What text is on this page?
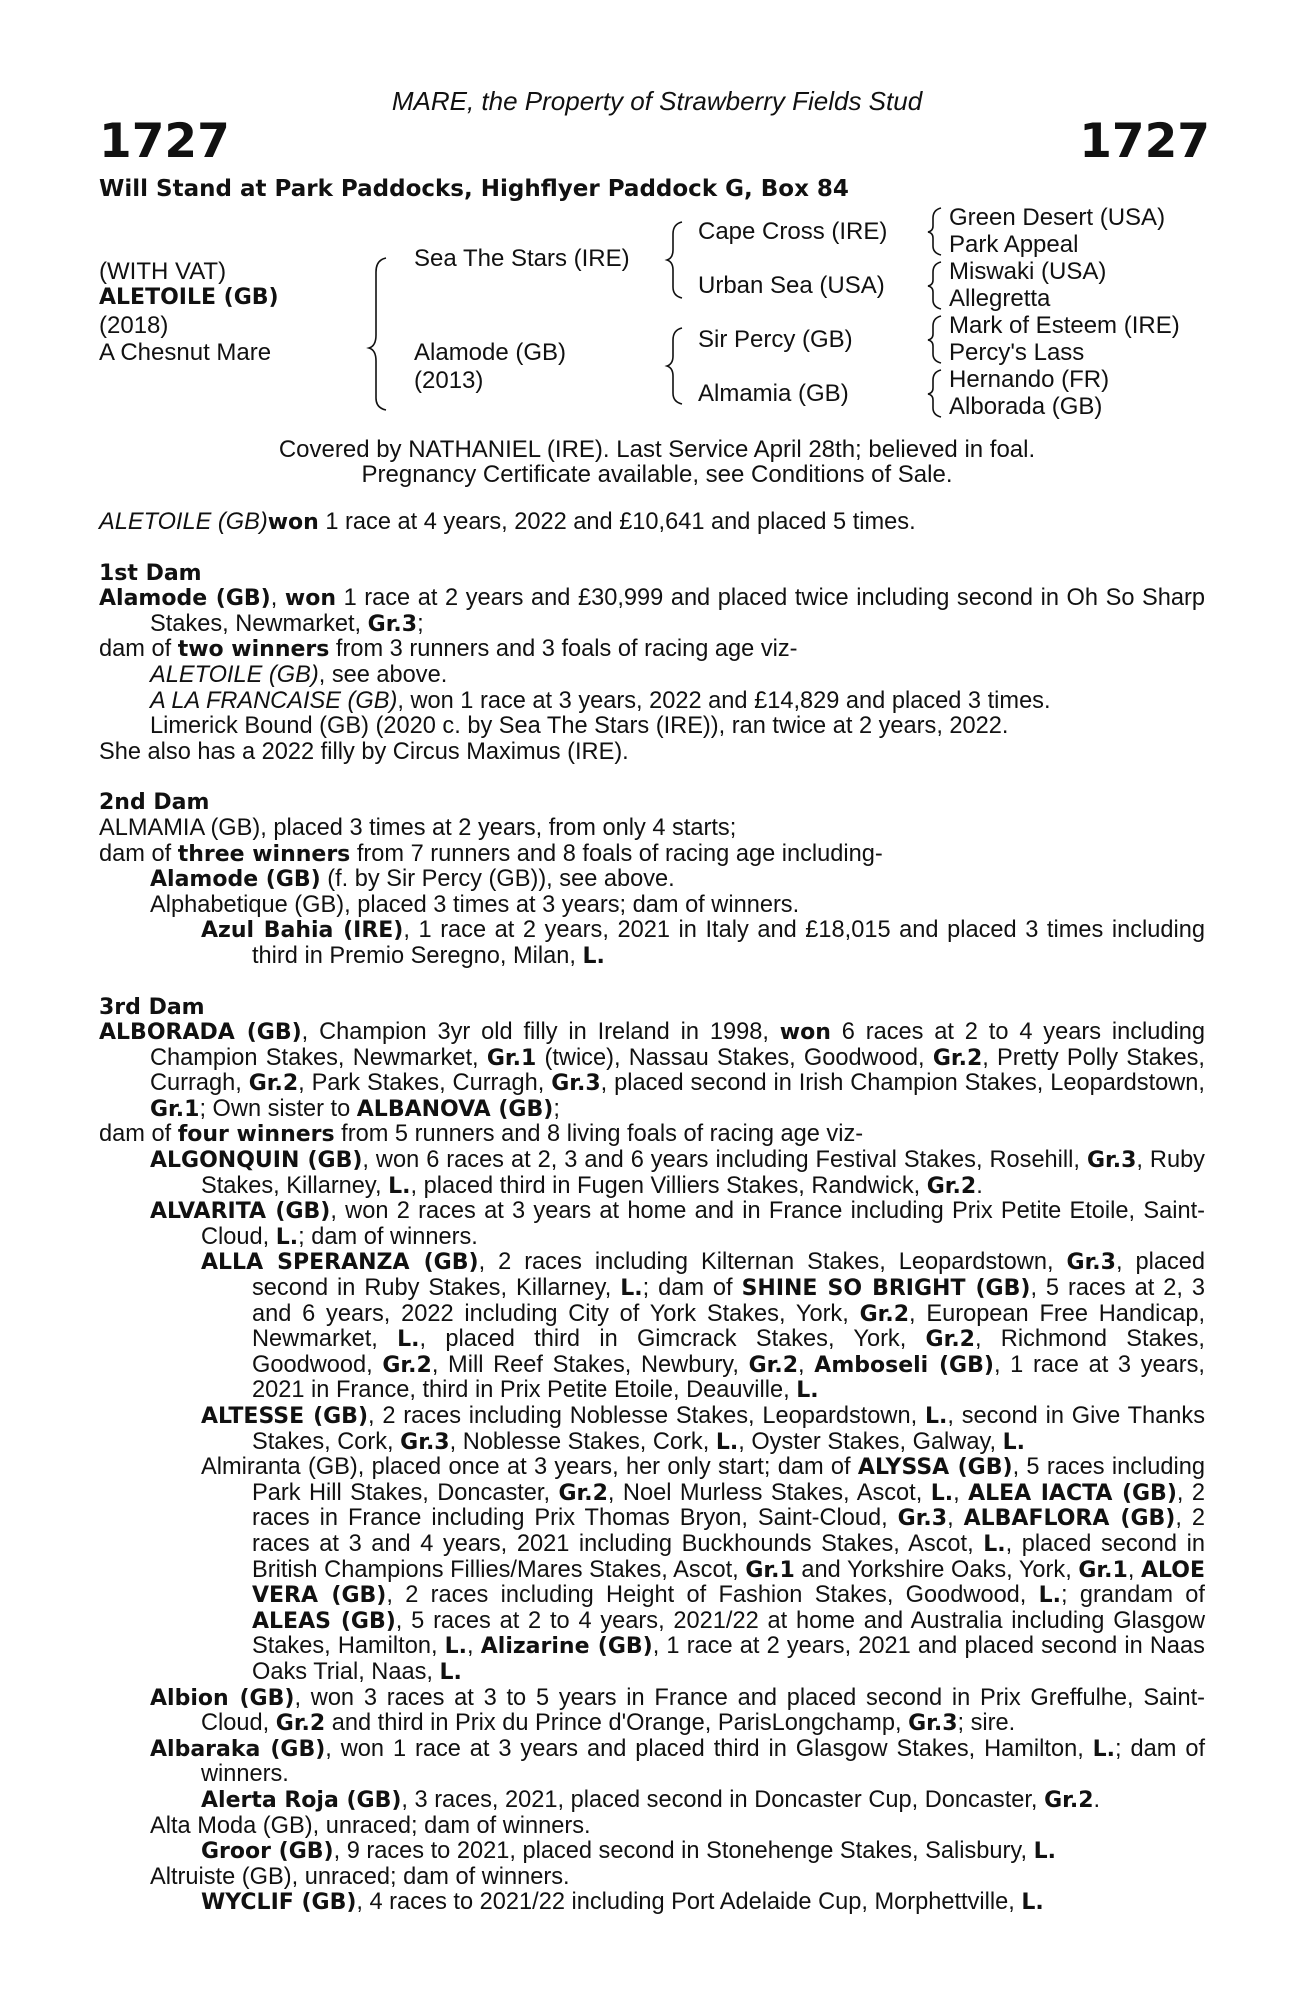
MARE, the Property of Strawberry Fields Stud
1727	1727
Will Stand at Park Paddocks, Highflyer Paddock G, Box 84
(WITH VAT)
ALETOILE (GB)
(2018)
A Chesnut Mare
Sea The Stars (IRE)
Alamode (GB)
(2013)
Cape Cross (IRE)
Urban Sea (USA)
Sir Percy (GB)
Almamia (GB)
Green Desert (USA)
Park Appeal
Miswaki (USA)
Allegretta
Mark of Esteem (IRE)
Percy's Lass
Hernando (FR)
Alborada (GB)
Covered by NATHANIEL (IRE). Last Service April 28th; believed in foal.
Pregnancy Certificate available, see Conditions of Sale.

ALETOILE (GB)won 1 race at 4 years, 2022 and £10,641 and placed 5 times.

1st Dam

Alamode (GB), won 1 race at 2 years and £30,999 and placed twice including second in Oh So Sharp Stakes, Newmarket, Gr.3;

dam of two winners from 3 runners and 3 foals of racing age viz-

ALETOILE (GB), see above.

A LA FRANCAISE (GB), won 1 race at 3 years, 2022 and £14,829 and placed 3 times.

Limerick Bound (GB) (2020 c. by Sea The Stars (IRE)), ran twice at 2 years, 2022.

She also has a 2022 filly by Circus Maximus (IRE).

2nd Dam

ALMAMIA (GB), placed 3 times at 2 years, from only 4 starts;

dam of three winners from 7 runners and 8 foals of racing age including-

Alamode (GB) (f. by Sir Percy (GB)), see above.

Alphabetique (GB), placed 3 times at 3 years; dam of winners.

Azul Bahia (IRE), 1 race at 2 years, 2021 in Italy and £18,015 and placed 3 times including third in Premio Seregno, Milan, L.

3rd Dam

ALBORADA (GB), Champion 3yr old filly in Ireland in 1998, won 6 races at 2 to 4 years including Champion Stakes, Newmarket, Gr.1 (twice), Nassau Stakes, Goodwood, Gr.2, Pretty Polly Stakes, Curragh, Gr.2, Park Stakes, Curragh, Gr.3, placed second in Irish Champion Stakes, Leopardstown, Gr.1; Own sister to ALBANOVA (GB);

dam of four winners from 5 runners and 8 living foals of racing age viz-

ALGONQUIN (GB), won 6 races at 2, 3 and 6 years including Festival Stakes, Rosehill, Gr.3, Ruby Stakes, Killarney, L., placed third in Fugen Villiers Stakes, Randwick, Gr.2.

ALVARITA (GB), won 2 races at 3 years at home and in France including Prix Petite Etoile, Saint-Cloud, L.; dam of winners.

ALLA SPERANZA (GB), 2 races including Kilternan Stakes, Leopardstown, Gr.3, placed second in Ruby Stakes, Killarney, L.; dam of SHINE SO BRIGHT (GB), 5 races at 2, 3 and 6 years, 2022 including City of York Stakes, York, Gr.2, European Free Handicap, Newmarket, L., placed third in Gimcrack Stakes, York, Gr.2, Richmond Stakes, Goodwood, Gr.2, Mill Reef Stakes, Newbury, Gr.2, Amboseli (GB), 1 race at 3 years, 2021 in France, third in Prix Petite Etoile, Deauville, L.

ALTESSE (GB), 2 races including Noblesse Stakes, Leopardstown, L., second in Give Thanks Stakes, Cork, Gr.3, Noblesse Stakes, Cork, L., Oyster Stakes, Galway, L.

Almiranta (GB), placed once at 3 years, her only start; dam of ALYSSA (GB), 5 races including Park Hill Stakes, Doncaster, Gr.2, Noel Murless Stakes, Ascot, L., ALEA IACTA (GB), 2 races in France including Prix Thomas Bryon, Saint-Cloud, Gr.3, ALBAFLORA (GB), 2 races at 3 and 4 years, 2021 including Buckhounds Stakes, Ascot, L., placed second in British Champions Fillies/Mares Stakes, Ascot, Gr.1 and Yorkshire Oaks, York, Gr.1, ALOE VERA (GB), 2 races including Height of Fashion Stakes, Goodwood, L.; grandam of ALEAS (GB), 5 races at 2 to 4 years, 2021/22 at home and Australia including Glasgow Stakes, Hamilton, L., Alizarine (GB), 1 race at 2 years, 2021 and placed second in Naas Oaks Trial, Naas, L.

Albion (GB), won 3 races at 3 to 5 years in France and placed second in Prix Greffulhe, Saint-Cloud, Gr.2 and third in Prix du Prince d'Orange, ParisLongchamp, Gr.3; sire.

Albaraka (GB), won 1 race at 3 years and placed third in Glasgow Stakes, Hamilton, L.; dam of winners.

Alerta Roja (GB), 3 races, 2021, placed second in Doncaster Cup, Doncaster, Gr.2.

Alta Moda (GB), unraced; dam of winners.

Groor (GB), 9 races to 2021, placed second in Stonehenge Stakes, Salisbury, L.

Altruiste (GB), unraced; dam of winners.

WYCLIF (GB), 4 races to 2021/22 including Port Adelaide Cup, Morphettville, L.
